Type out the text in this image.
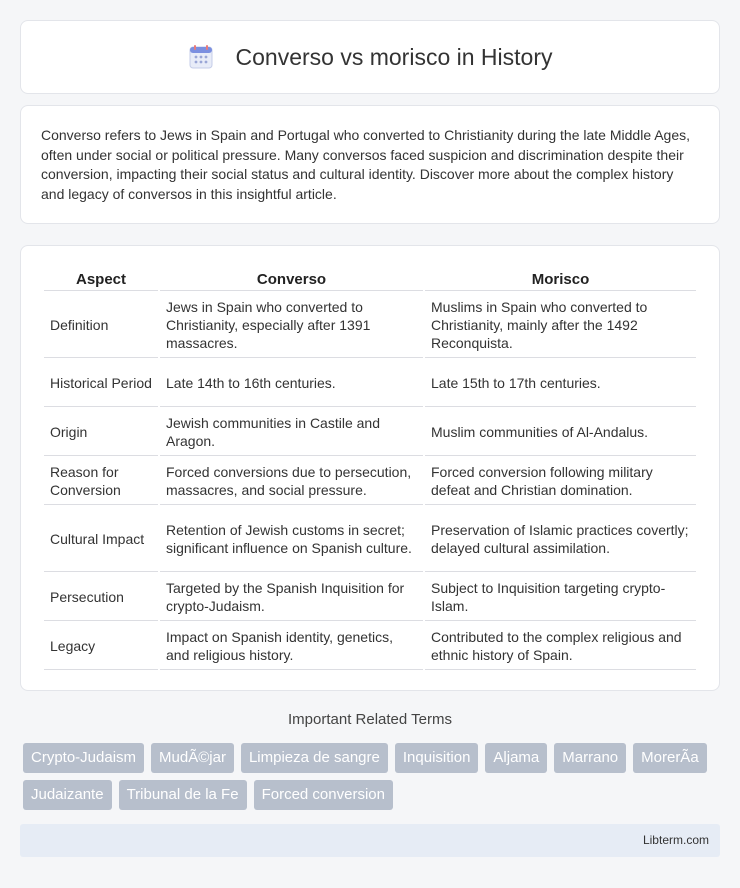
Converso vs morisco in History

Converso refers to Jews in Spain and Portugal who converted to Christianity during the late Middle Ages, often under social or political pressure. Many conversos faced suspicion and discrimination despite their conversion, impacting their social status and cultural identity. Discover more about the complex history and legacy of conversos in this insightful article.

Aspect	Converso	Morisco
Definition	Jews in Spain who converted to Christianity, especially after 1391 massacres.	Muslims in Spain who converted to Christianity, mainly after the 1492 Reconquista.
Historical Period	Late 14th to 16th centuries.	Late 15th to 17th centuries.
Origin	Jewish communities in Castile and Aragon.	Muslim communities of Al-Andalus.
Reason for Conversion	Forced conversions due to persecution, massacres, and social pressure.	Forced conversion following military defeat and Christian domination.
Cultural Impact	Retention of Jewish customs in secret; significant influence on Spanish culture.	Preservation of Islamic practices covertly; delayed cultural assimilation.
Persecution	Targeted by the Spanish Inquisition for crypto-Judaism.	Subject to Inquisition targeting crypto-Islam.
Legacy	Impact on Spanish identity, genetics, and religious history.	Contributed to the complex religious and ethnic history of Spain.
Important Related Terms
Crypto-Judaism	MudÃ©jar	Limpieza de sangre	Inquisition	Aljama	Marrano	MorerÃa
Judaizante	Tribunal de la Fe	Forced conversion
Libterm.com
